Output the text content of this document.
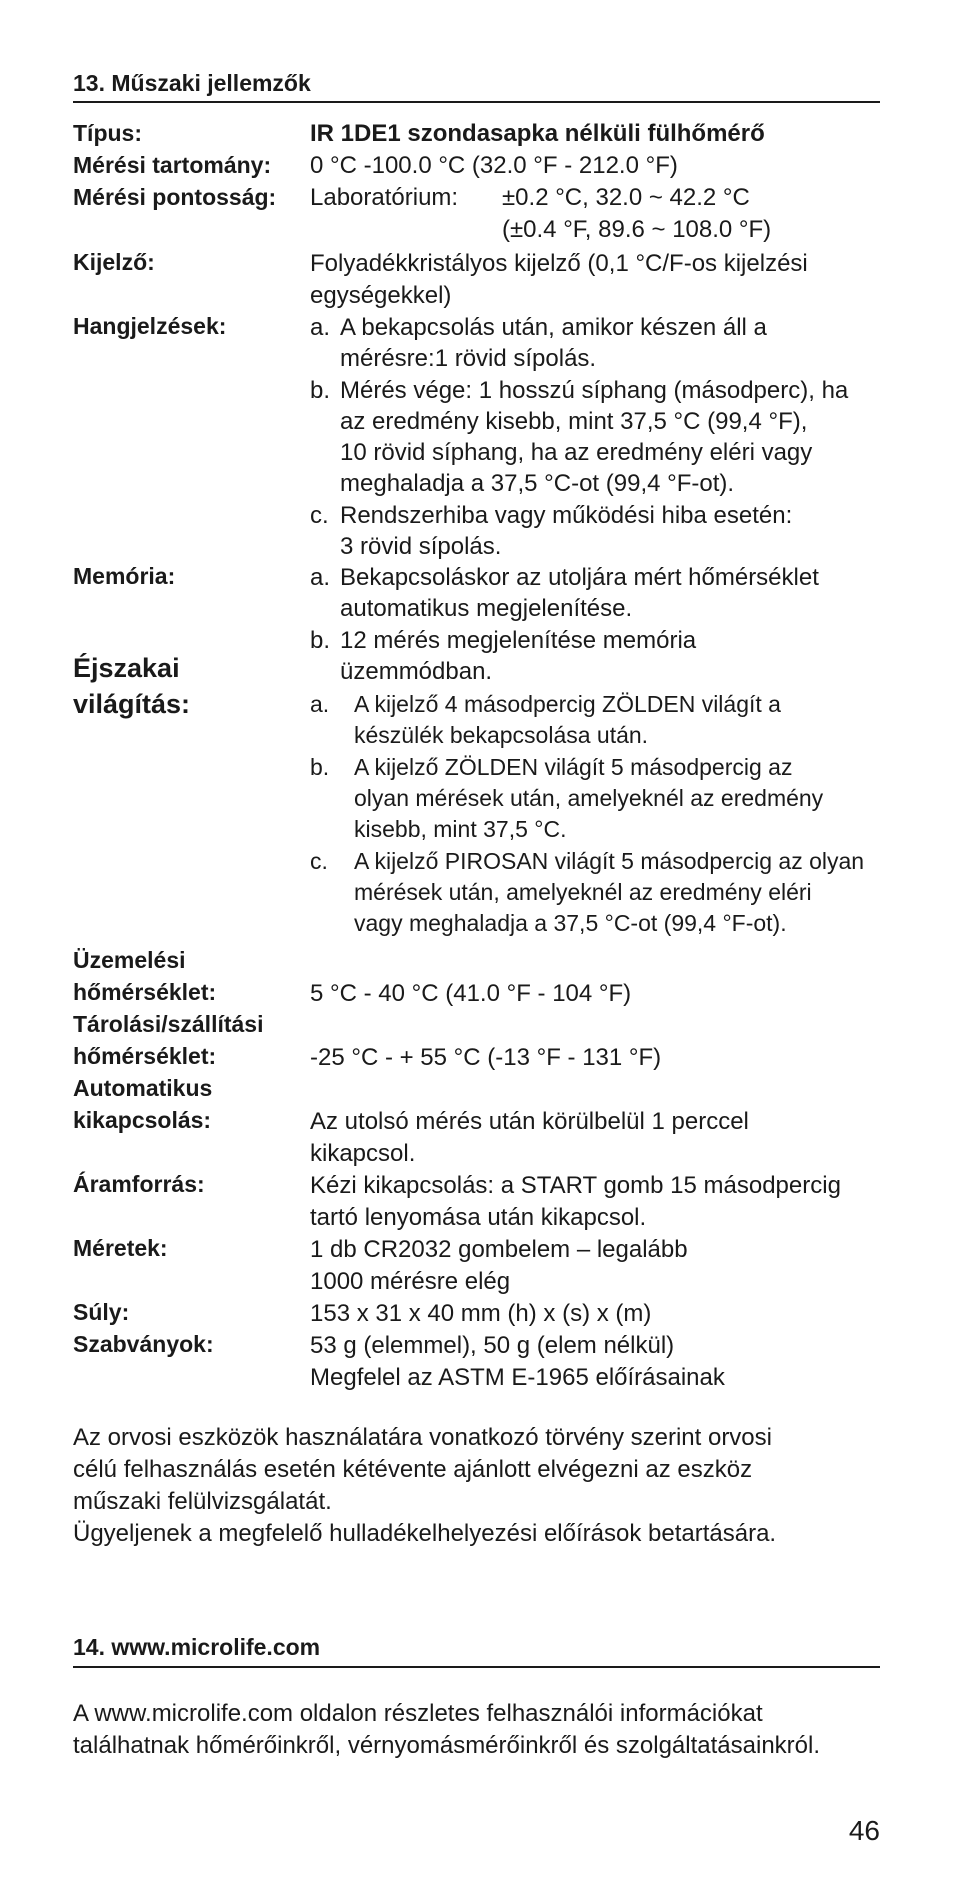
13. Műszaki jellemzők
Típus:	IR 1DE1 szondasapka nélküli fülhőmérő
Mérési tartomány:	0 °C -100.0 °C (32.0 °F - 212.0 °F)
Mérési pontosság:	Laboratórium:	±0.2 °C, 32.0 ~ 42.2 °C
(±0.4 °F, 89.6 ~ 108.0 °F)
Kijelző:	Folyadékkristályos kijelző (0,1 °C/F-os kijelzési
egységekkel)
Hangjelzések:	a. A bekapcsolás után, amikor készen áll a
mérésre:1 rövid sípolás.
b. Mérés vége: 1 hosszú síphang (másodperc), ha
az eredmény kisebb, mint 37,5 °C (99,4 °F),
10 rövid síphang, ha az eredmény eléri vagy
meghaladja a 37,5 °C-ot (99,4 °F-ot).
c. Rendszerhiba vagy működési hiba esetén:
3 rövid sípolás.
Memória:	a. Bekapcsoláskor az utoljára mért hőmérséklet
automatikus megjelenítése.
b. 12 mérés megjelenítése memória
üzemmódban.
Éjszakai
világítás:	a. A kijelző 4 másodpercig ZÖLDEN világít a
készülék bekapcsolása után.
b. A kijelző ZÖLDEN világít 5 másodpercig az
olyan mérések után, amelyeknél az eredmény
kisebb, mint 37,5 °C.
c. A kijelző PIROSAN világít 5 másodpercig az olyan
mérések után, amelyeknél az eredmény eléri
vagy meghaladja a 37,5 °C-ot (99,4 °F-ot).
Üzemelési
hőmérséklet:	5 °C - 40 °C (41.0 °F - 104 °F)
Tárolási/szállítási
hőmérséklet:	-25 °C - + 55 °C (-13 °F - 131 °F)
Automatikus
kikapcsolás:	Az utolsó mérés után körülbelül 1 perccel
kikapcsol.
Áramforrás:	Kézi kikapcsolás: a START gomb 15 másodpercig
tartó lenyomása után kikapcsol.
Méretek:	1 db CR2032 gombelem – legalább
1000 mérésre elég
Súly:	153 x 31 x 40 mm (h) x (s) x (m)
Szabványok:	53 g (elemmel), 50 g (elem nélkül)
Megfelel az ASTM E-1965 előírásainak
Az orvosi eszközök használatára vonatkozó törvény szerint orvosi
célú felhasználás esetén kétévente ajánlott elvégezni az eszköz
műszaki felülvizsgálatát.
Ügyeljenek a megfelelő hulladékelhelyezési előírások betartására.
14. www.microlife.com
A www.microlife.com oldalon részletes felhasználói információkat
találhatnak hőmérőinkről, vérnyomásmérőinkről és szolgáltatásainkról.
46
